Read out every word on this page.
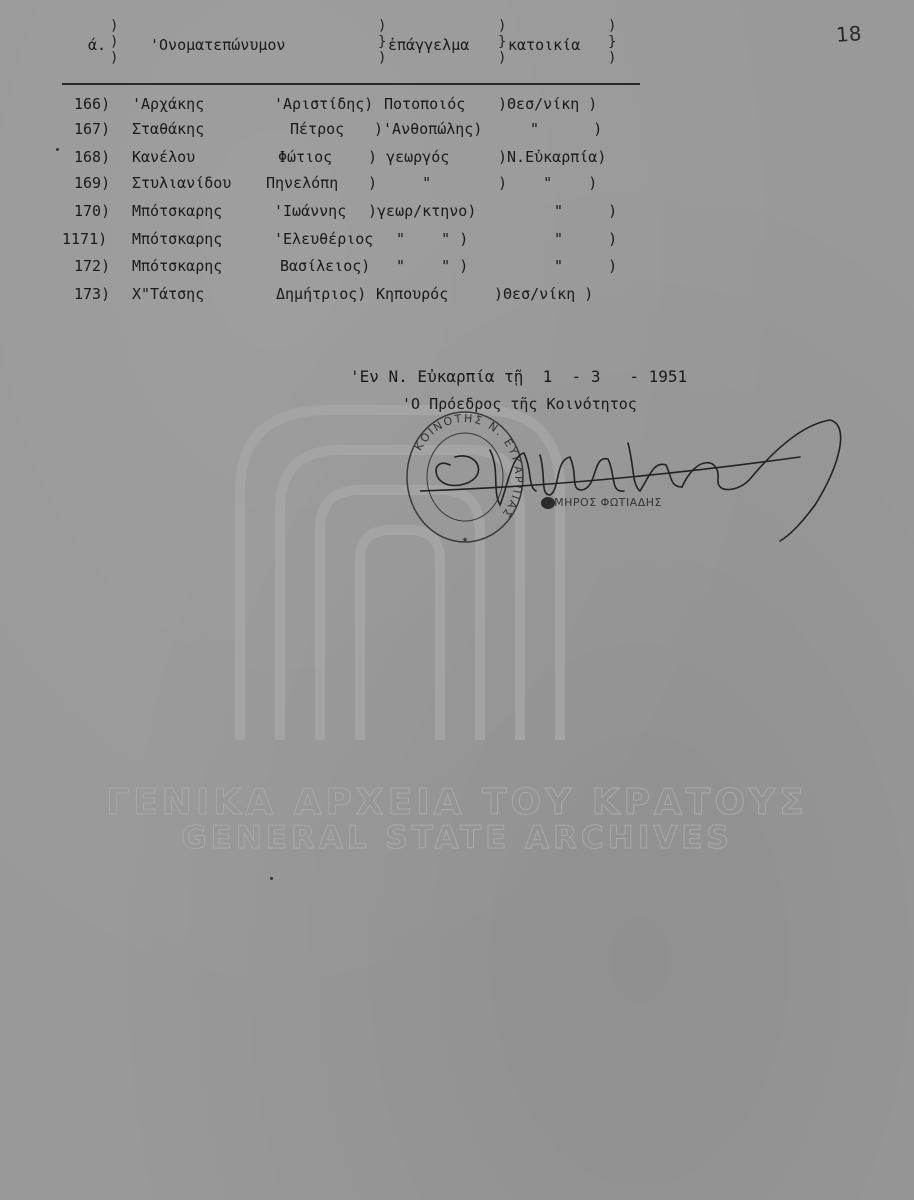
ΓΕΝΙΚΑ ΑΡΧΕΙΑ ΤΟΥ ΚΡΑΤΟΥΣ
GENERAL STATE ARCHIVES
18
)
)
)
)
}
)
)
}
)
)
}
)
ά.	'Ονοματεπώνυμον	ἐπάγγελμα	κατοικία
166) 'Αρχάκης	'Αριστίδης) Ποτοποιός )Θεσ/νίκη )
167) Σταθάκης	Πέτρος )'Ανθοπώλης)	"      )
168) Κανέλου	Φώτιος ) γεωργός	)Ν.Εὐκαρπία)
169) Στυλιανίδου Πηνελόπη )     "	)    "    )
170) Μπότσκαρης	'Ιωάννης )γεωρ/κτηνο)	"     )
1171) Μπότσκαρης	'Ελευθέριος "    " )	"     )
172) Μπότσκαρης	Βασίλειος) "    " )	"     )
173) Χ"Τάτσης	Δημήτριος) Κηπουρός	)Θεσ/νίκη )
'Εν Ν. Εὐκαρπία τῇ  1  - 3   - 1951
'Ο Πρόεδρος τῆς Κοινότητος
ΚΟΙΝΟΤΗΣ Ν. ΕΥΚΑΡΠΙΑΣ
★
ΟΜΗΡΟΣ ΦΩΤΙΑΔΗΣ
